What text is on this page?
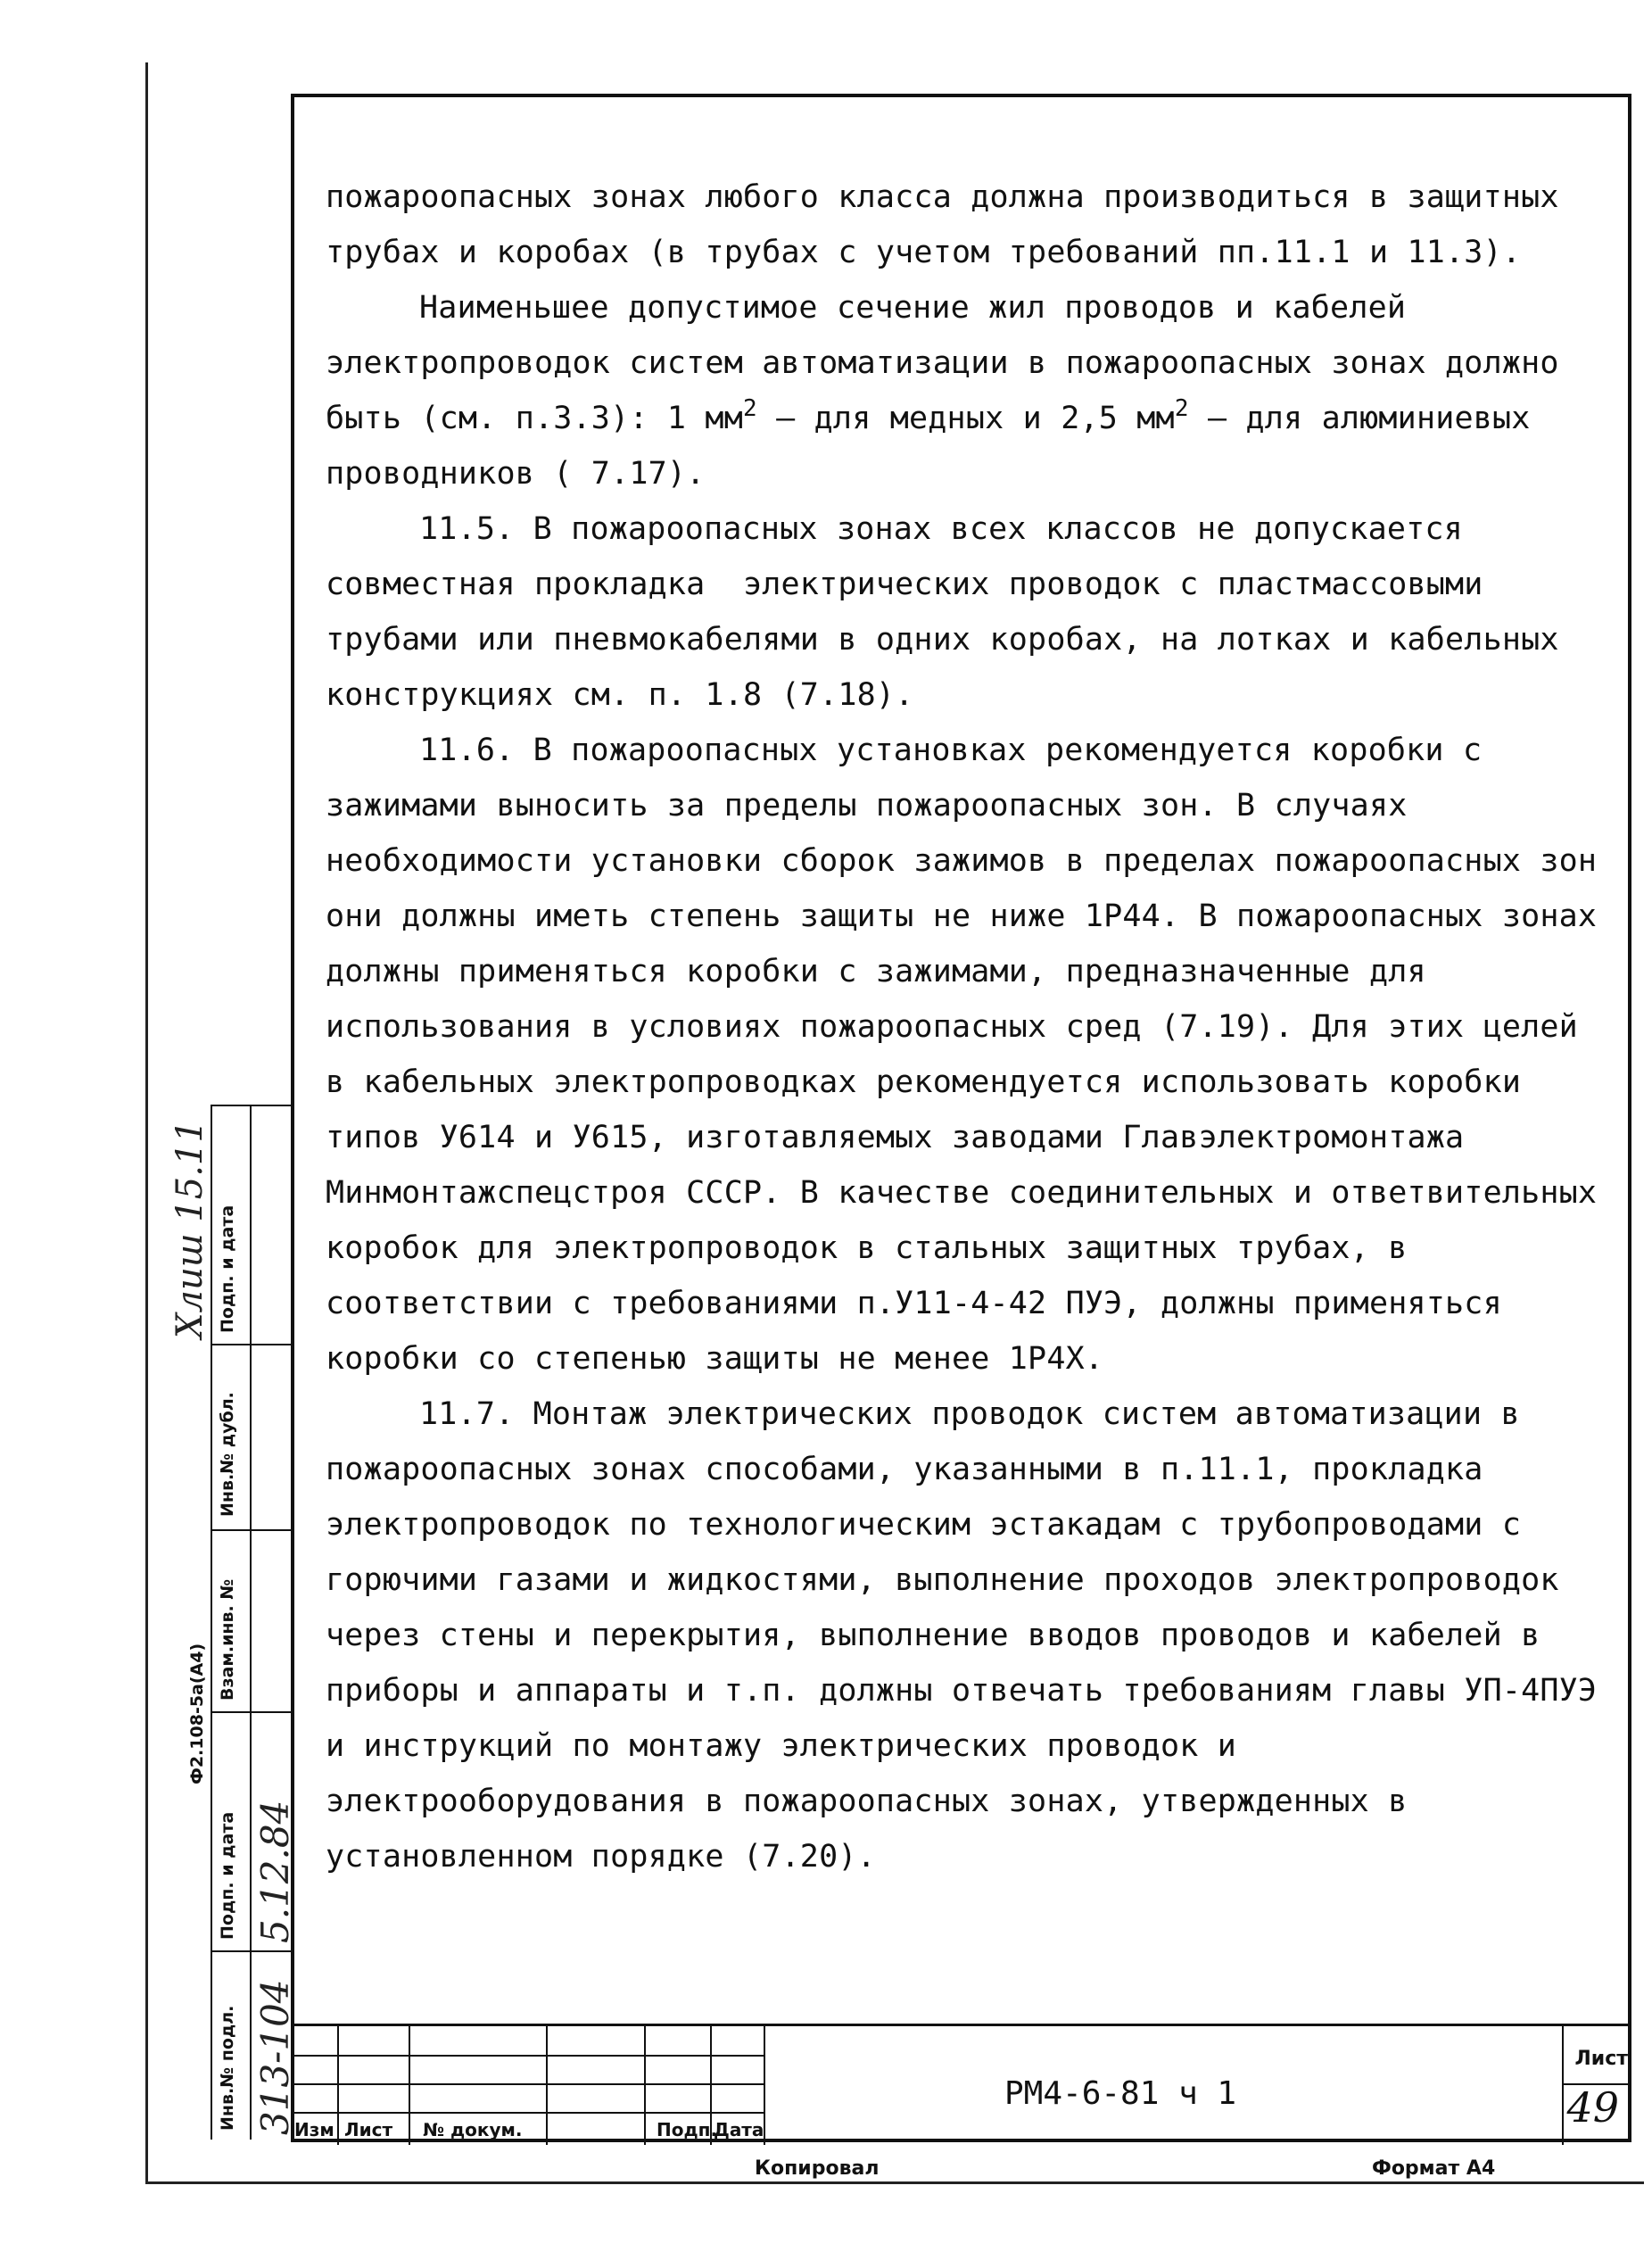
пожароопасных зонах любого класса должна производиться в защитных трубах и коробах (в трубах с учетом требований пп.11.1 и 11.3).

Наименьшее допустимое сечение жил проводов и кабелей электропроводок систем автоматизации в пожароопасных зонах должно быть (см. п.3.3): 1 $мм^2$ – для медных и 2,5 $мм^2$ – для алюминиевых проводников ( 7.17).

11.5. В пожароопасных зонах всех классов не допускается совместная прокладка  электрических проводок с пластмассовыми трубами или пневмокабелями в одних коробах, на лотках и кабельных конструкциях см. п. 1.8 (7.18).

11.6. В пожароопасных установках рекомендуется коробки с зажимами выносить за пределы пожароопасных зон. В случаях необходимости установки сборок зажимов в пределах пожароопасных зон они должны иметь степень защиты не ниже 1Р44. В пожароопасных зонах должны применяться коробки с зажимами, предназначенные для использования в условиях пожароопасных сред (7.19). Для этих целей в кабельных электропроводках рекомендуется использовать коробки типов У614 и У615, изготавляемых заводами Главэлектромонтажа Минмонтажспецстроя СССР. В качестве соединительных и ответвительных коробок для электропроводок в стальных защитных трубах, в соответствии с требованиями п.У11-4-42 ПУЭ, должны применяться коробки со степенью защиты не менее 1Р4Х.

11.7. Монтаж электрических проводок систем автоматизации в пожароопасных зонах способами, указанными в п.11.1, прокладка электропроводок по технологическим эстакадам с трубопроводами с горючими газами и жидкостями, выполнение проходов электропроводок через стены и перекрытия, выполнение вводов проводов и кабелей в приборы и аппараты и т.п. должны отвечать требованиям главы УП-4ПУЭ и инструкций по монтажу электрических проводок и электрооборудования в пожароопасных зонах, утвержденных в установленном порядке (7.20).

Изм Лист № докум.	Подп.
Дата
РМ4-6-81 ч 1
Лист
49
Копировал	Формат А4
Инв.№ подл.
Подп. и дата
Взам.инв. №
Инв.№ дубл.
Подп. и дата
313-104
5.12.84
Ф2.108-5а(А4)
Хлиш 15.11
